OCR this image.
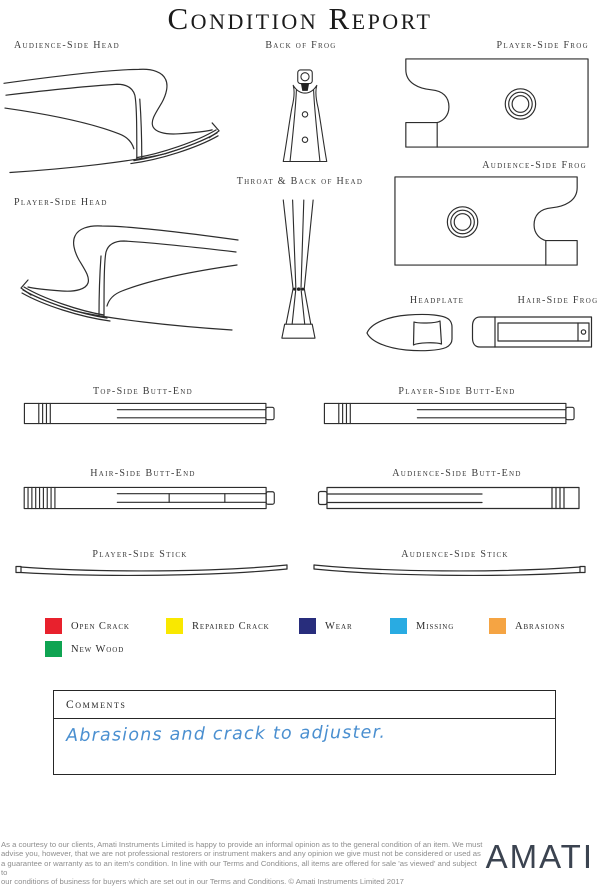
Condition Report
Audience-Side Head	Back of Frog	Player-Side Frog
Audience-Side Frog
Player-Side Head
Throat & Back of Head
Headplate	Hair-Side Frog
Top-Side Butt-End	Player-Side Butt-End
Hair-Side Butt-End	Audience-Side Butt-End
Player-Side Stick	Audience-Side Stick
Open Crack	Repaired Crack	Wear	Missing	Abrasions
New Wood
Comments
Abrasions and crack to adjuster.
As a courtesy to our clients, Amati Instruments Limited is happy to provide an informal opinion as to the general condition of an item. We must
advise you, however, that we are not professional restorers or instrument makers and any opinion we give must not be considered or used as
a guarantee or warranty as to an item's condition. In line with our Terms and Conditions, all items are offered for sale 'as viewed' and subject to
our conditions of business for buyers which are set out in our Terms and Conditions. © Amati Instruments Limited 2017
AMATI
